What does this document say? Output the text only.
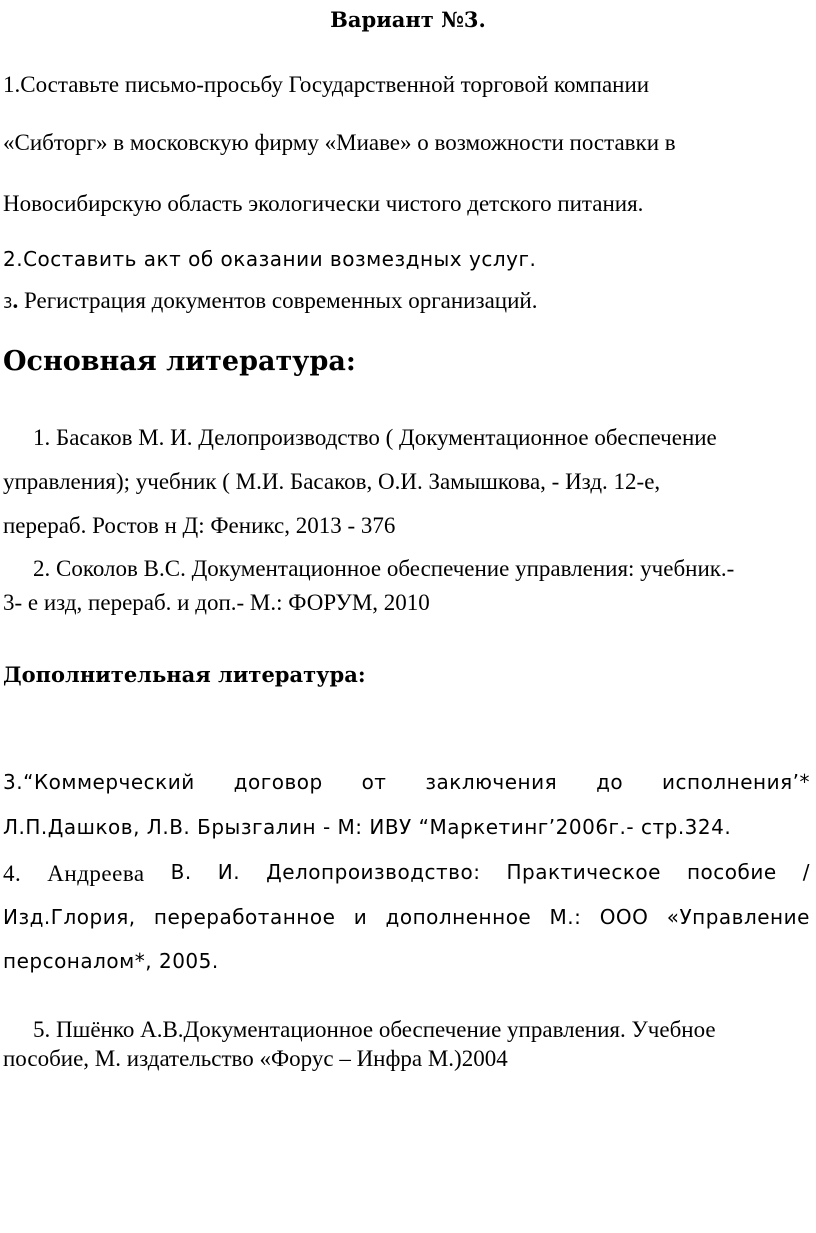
Вариант №3.
1.Составьте письмо-просьбу Государственной торговой компании
«Сибторг» в московскую фирму «Миаве» о возможности поставки в
Новосибирскую область экологически чистого детского питания.
2.Составить акт об оказании возмездных услуг.
3. Регистрация документов современных организаций.
Основная литература:
1. Басаков М. И. Делопроизводство ( Документационное обеспечение
управления); учебник ( М.И. Басаков, О.И. Замышкова, - Изд. 12-е,
перераб. Ростов н Д: Феникс, 2013 - 376
2. Соколов В.С. Документационное обеспечение управления: учебник.-
3- е изд, перераб. и доп.- М.: ФОРУМ, 2010
Дополнительная литература:
3.“Коммерческий договор от заключения до исполнения’*
Л.П.Дашков, Л.В. Брызгалин - М: ИВУ “Маркетинг’2006г.- стр.324.
4. Андреева В. И. Делопроизводство: Практическое пособие /
Изд.Глория, переработанное и дополненное М.: ООО «Управление
персоналом*, 2005.
5. Пшёнко А.В.Документационное обеспечение управления. Учебное
пособие, М. издательство «Форус – Инфра М.)2004
